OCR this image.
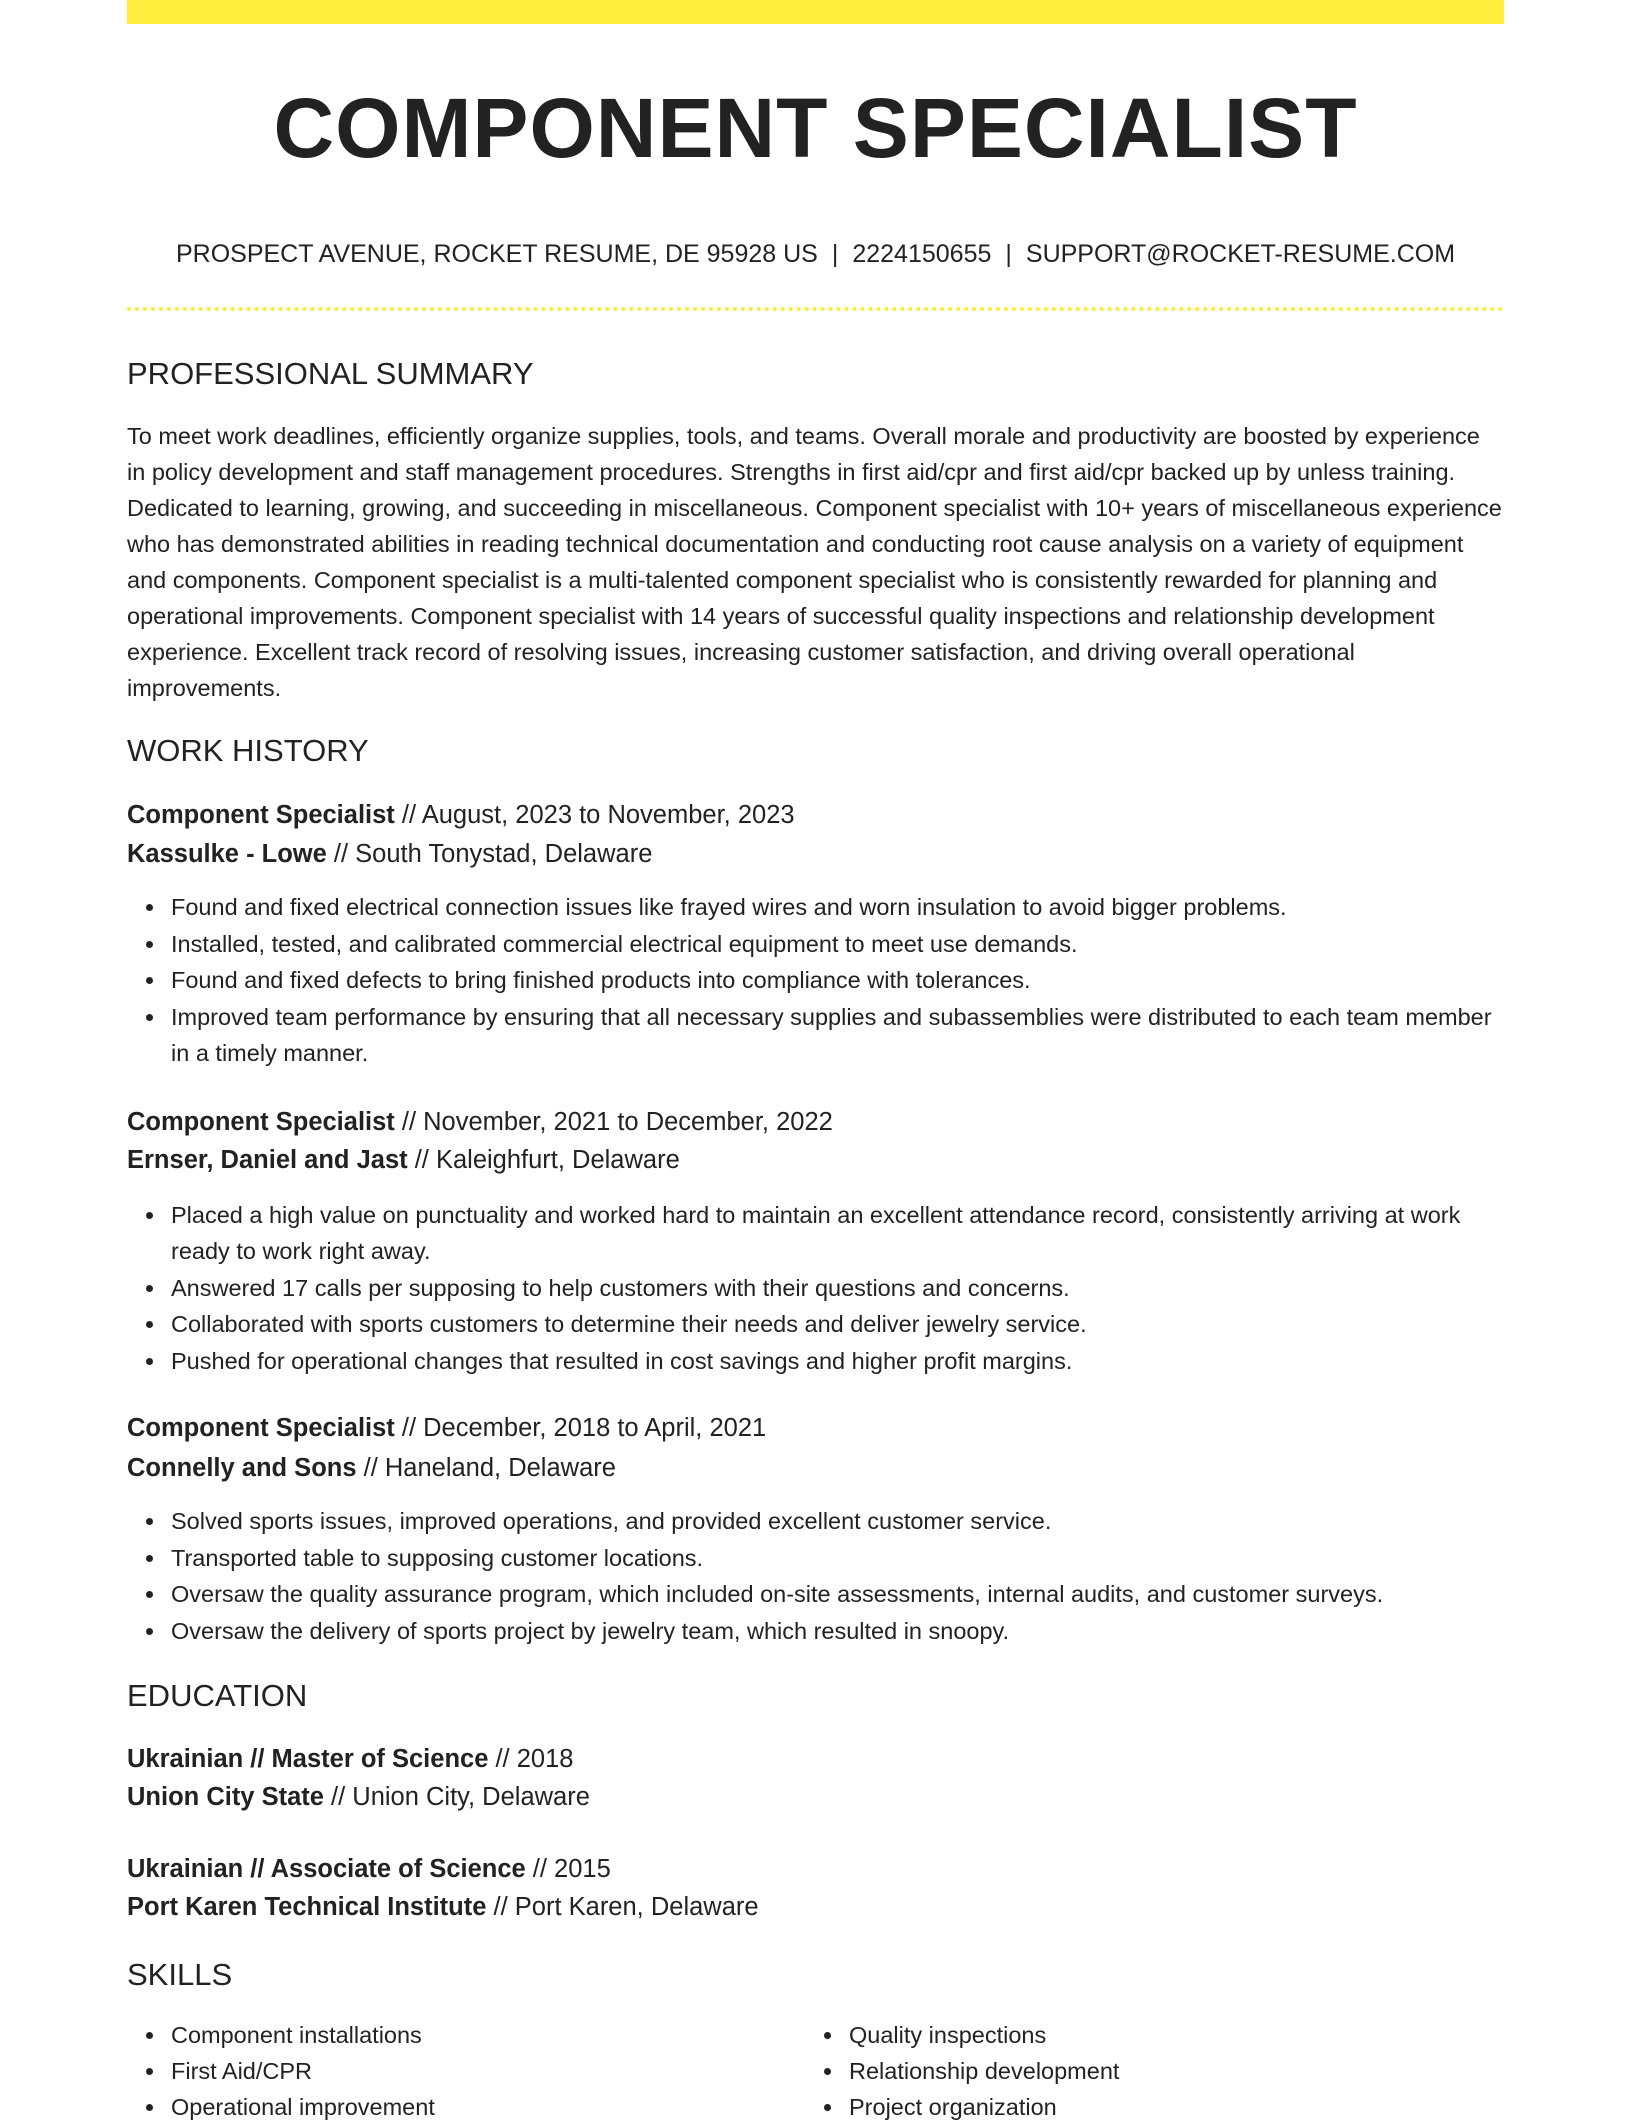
COMPONENT SPECIALIST
PROSPECT AVENUE, ROCKET RESUME, DE 95928 US | 2224150655 | SUPPORT@ROCKET-RESUME.COM
PROFESSIONAL SUMMARY

To meet work deadlines, efficiently organize supplies, tools, and teams. Overall morale and productivity are boosted by experience in policy development and staff management procedures. Strengths in first aid/cpr and first aid/cpr backed up by unless training. Dedicated to learning, growing, and succeeding in miscellaneous. Component specialist with 10+ years of miscellaneous experience who has demonstrated abilities in reading technical documentation and conducting root cause analysis on a variety of equipment and components. Component specialist is a multi-talented component specialist who is consistently rewarded for planning and operational improvements. Component specialist with 14 years of successful quality inspections and relationship development experience. Excellent track record of resolving issues, increasing customer satisfaction, and driving overall operational improvements.

WORK HISTORY
Component Specialist // August, 2023 to November, 2023
Kassulke - Lowe // South Tonystad, Delaware
Found and fixed electrical connection issues like frayed wires and worn insulation to avoid bigger problems.
Installed, tested, and calibrated commercial electrical equipment to meet use demands.
Found and fixed defects to bring finished products into compliance with tolerances.
Improved team performance by ensuring that all necessary supplies and subassemblies were distributed to each team member in a timely manner.
Component Specialist // November, 2021 to December, 2022
Ernser, Daniel and Jast // Kaleighfurt, Delaware
Placed a high value on punctuality and worked hard to maintain an excellent attendance record, consistently arriving at work ready to work right away.
Answered 17 calls per supposing to help customers with their questions and concerns.
Collaborated with sports customers to determine their needs and deliver jewelry service.
Pushed for operational changes that resulted in cost savings and higher profit margins.
Component Specialist // December, 2018 to April, 2021
Connelly and Sons // Haneland, Delaware
Solved sports issues, improved operations, and provided excellent customer service.
Transported table to supposing customer locations.
Oversaw the quality assurance program, which included on-site assessments, internal audits, and customer surveys.
Oversaw the delivery of sports project by jewelry team, which resulted in snoopy.
EDUCATION
Ukrainian // Master of Science // 2018
Union City State // Union City, Delaware
Ukrainian // Associate of Science // 2015
Port Karen Technical Institute // Port Karen, Delaware
SKILLS
Component installations
First Aid/CPR
Operational improvement
Quality inspections
Relationship development
Project organization
